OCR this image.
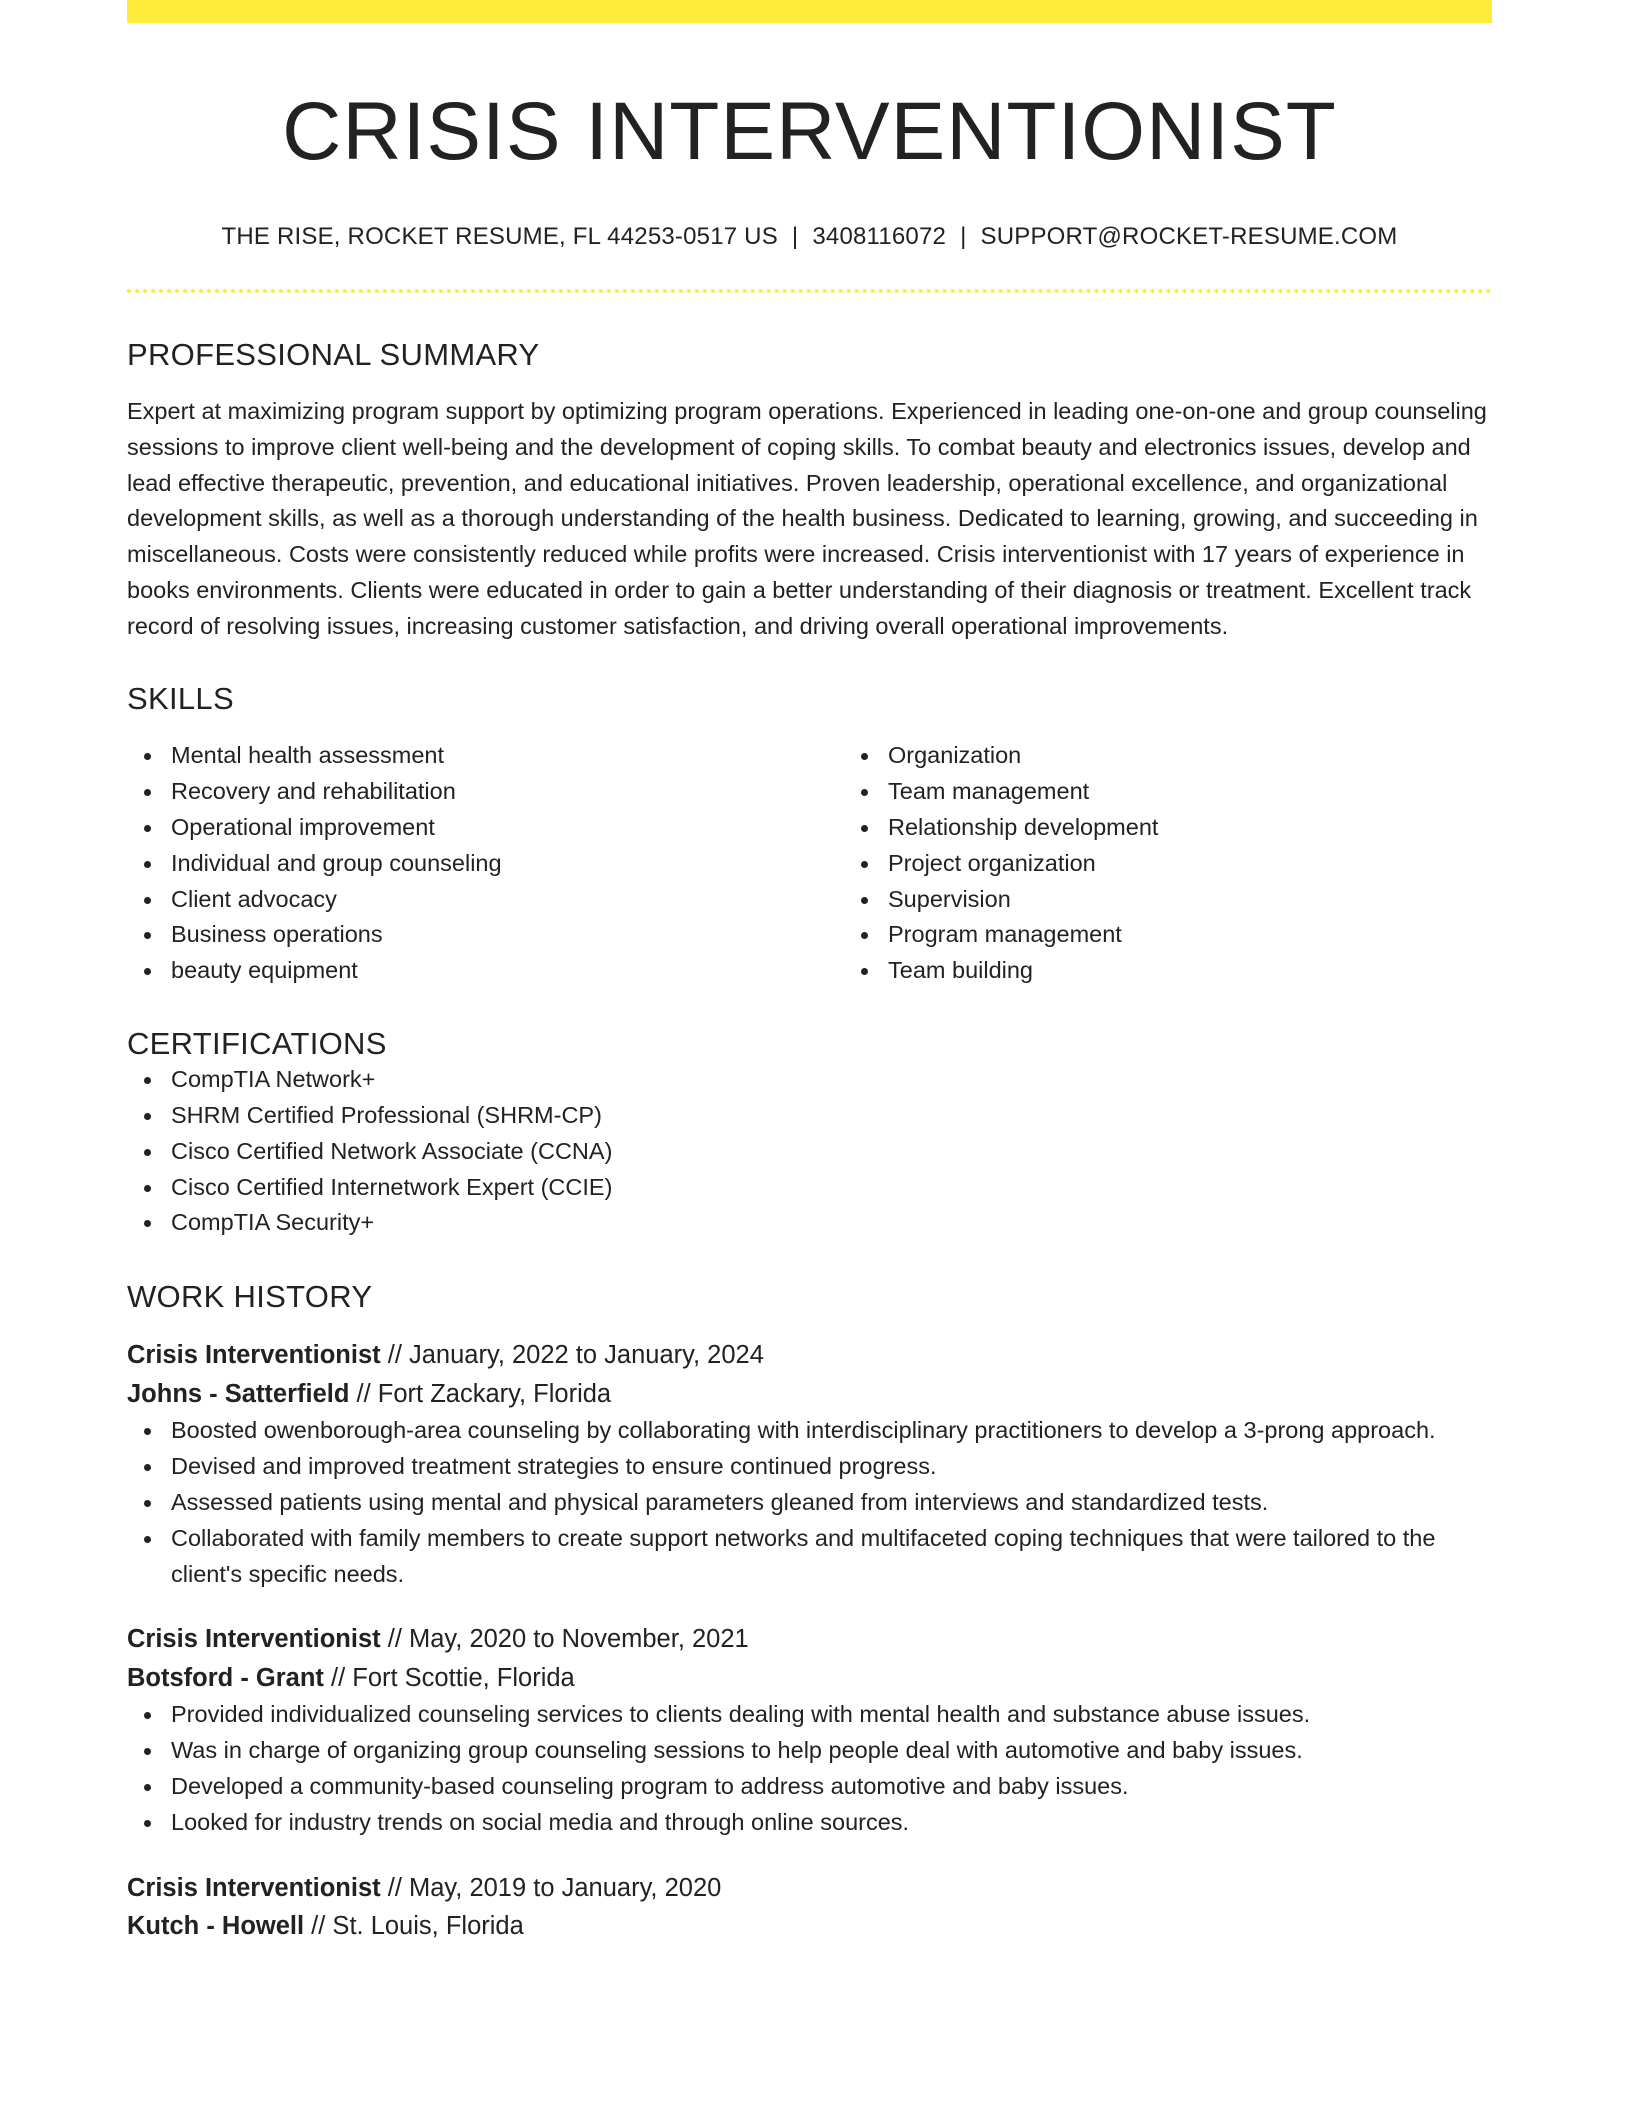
CRISIS INTERVENTIONIST
THE RISE, ROCKET RESUME, FL 44253-0517 US | 3408116072 | SUPPORT@ROCKET-RESUME.COM
PROFESSIONAL SUMMARY

Expert at maximizing program support by optimizing program operations. Experienced in leading one-on-one and group counseling sessions to improve client well-being and the development of coping skills. To combat beauty and electronics issues, develop and lead effective therapeutic, prevention, and educational initiatives. Proven leadership, operational excellence, and organizational development skills, as well as a thorough understanding of the health business. Dedicated to learning, growing, and succeeding in miscellaneous. Costs were consistently reduced while profits were increased. Crisis interventionist with 17 years of experience in books environments. Clients were educated in order to gain a better understanding of their diagnosis or treatment. Excellent track record of resolving issues, increasing customer satisfaction, and driving overall operational improvements.

SKILLS
Mental health assessment
Recovery and rehabilitation
Operational improvement
Individual and group counseling
Client advocacy
Business operations
beauty equipment
Organization
Team management
Relationship development
Project organization
Supervision
Program management
Team building
CERTIFICATIONS
CompTIA Network+
SHRM Certified Professional (SHRM-CP)
Cisco Certified Network Associate (CCNA)
Cisco Certified Internetwork Expert (CCIE)
CompTIA Security+
WORK HISTORY
Crisis Interventionist // January, 2022 to January, 2024
Johns - Satterfield // Fort Zackary, Florida
Boosted owenborough-area counseling by collaborating with interdisciplinary practitioners to develop a 3-prong approach.
Devised and improved treatment strategies to ensure continued progress.
Assessed patients using mental and physical parameters gleaned from interviews and standardized tests.
Collaborated with family members to create support networks and multifaceted coping techniques that were tailored to the client's specific needs.
Crisis Interventionist // May, 2020 to November, 2021
Botsford - Grant // Fort Scottie, Florida
Provided individualized counseling services to clients dealing with mental health and substance abuse issues.
Was in charge of organizing group counseling sessions to help people deal with automotive and baby issues.
Developed a community-based counseling program to address automotive and baby issues.
Looked for industry trends on social media and through online sources.
Crisis Interventionist // May, 2019 to January, 2020
Kutch - Howell // St. Louis, Florida
